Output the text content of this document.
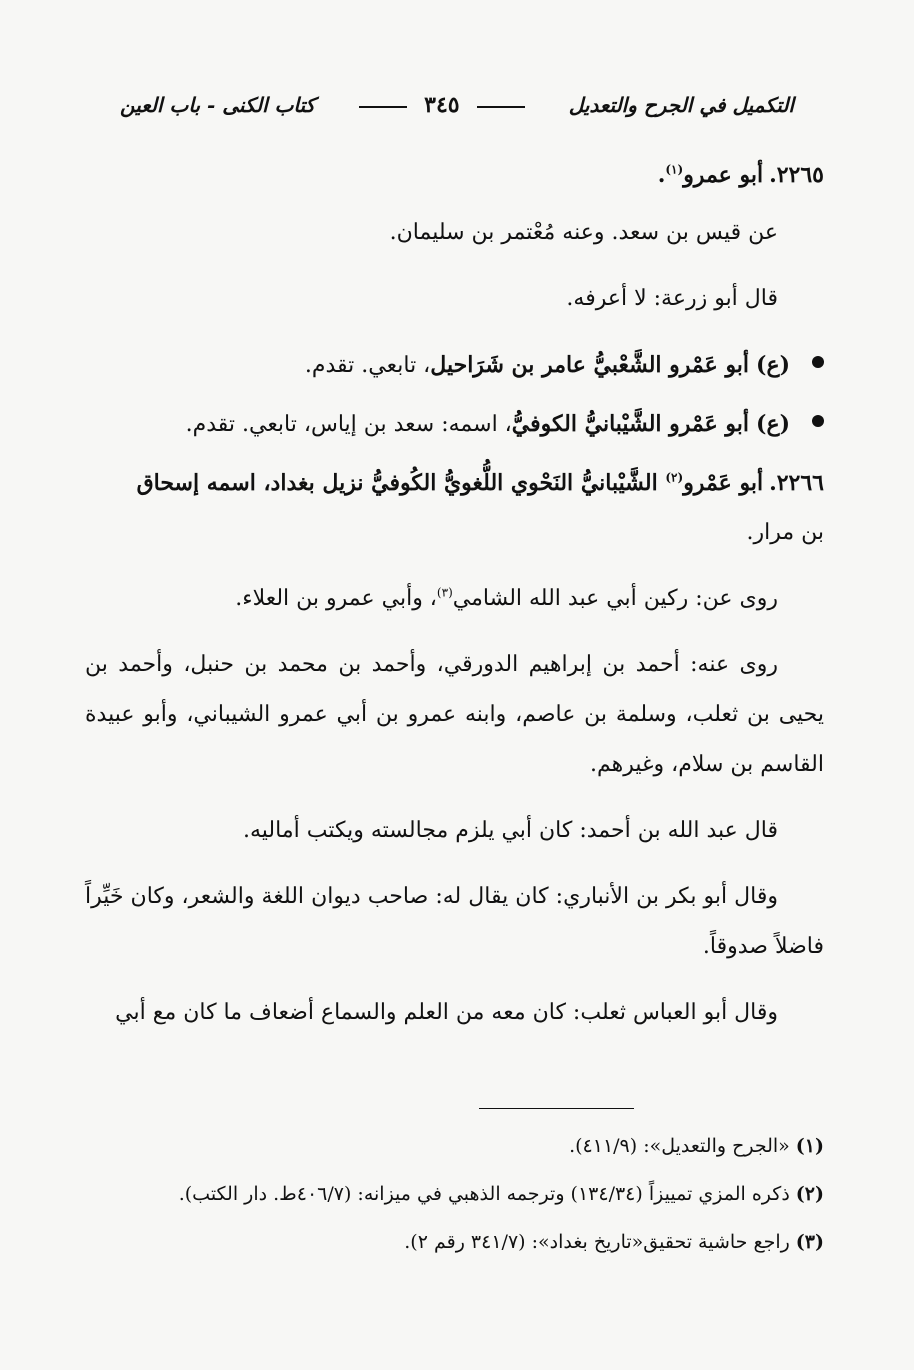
التكميل في الجرح والتعديل
٣٤٥
كتاب الكنى - باب العين
٢٢٦٥.أبو عمرو$^{(١)}$.

عن قيس بن سعد. وعنه مُعْتمر بن سليمان.

قال أبو زرعة: لا أعرفه.

(ع) أبو عَمْرو الشَّعْبيُّ عامر بن شَرَاحيل، تابعي. تقدم.
(ع) أبو عَمْرو الشَّيْبانيُّ الكوفيُّ، اسمه: سعد بن إياس، تابعي. تقدم.
٢٢٦٦.أبو عَمْرو$^{(٢)}$ الشَّيْبانيُّ النَحْوي اللُّغويُّ الكُوفيُّ نزيل بغداد، اسمه إسحاق

بن مرار.

روى عن: ركين أبي عبد الله الشامي$^{(٣)}$، وأبي عمرو بن العلاء.

روى عنه: أحمد بن إبراهيم الدورقي، وأحمد بن محمد بن حنبل، وأحمد بن يحيى بن ثعلب، وسلمة بن عاصم، وابنه عمرو بن أبي عمرو الشيباني، وأبو عبيدة القاسم بن سلام، وغيرهم.

قال عبد الله بن أحمد: كان أبي يلزم مجالسته ويكتب أماليه.

وقال أبو بكر بن الأنباري: كان يقال له: صاحب ديوان اللغة والشعر، وكان خَيِّراً فاضلاً صدوقاً.

وقال أبو العباس ثعلب: كان معه من العلم والسماع أضعاف ما كان مع أبي

(١)«الجرح والتعديل»: (٤١١/٩).

(٢)ذكره المزي تمييزاً (١٣٤/٣٤) وترجمه الذهبي في ميزانه: (٤٠٦/٧ط. دار الكتب).

(٣)راجع حاشية تحقيق«تاريخ بغداد»: (٣٤١/٧ رقم ٢).
